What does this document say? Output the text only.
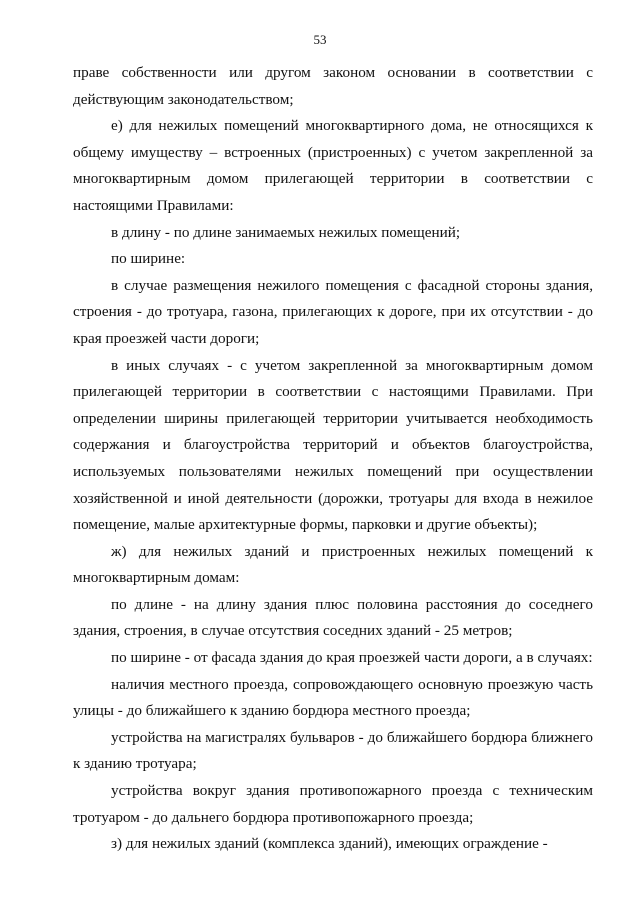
53

праве собственности или другом законом основании в соответствии с действующим законодательством;

е) для нежилых помещений многоквартирного дома, не относящихся к общему имуществу – встроенных (пристроенных) с учетом закрепленной за многоквартирным домом прилегающей территории в соответствии с настоящими Правилами:

в длину - по длине занимаемых нежилых помещений;

по ширине:

в случае размещения нежилого помещения с фасадной стороны здания, строения - до тротуара, газона, прилегающих к дороге, при их отсутствии - до края проезжей части дороги;

в иных случаях - с учетом закрепленной за многоквартирным домом прилегающей территории в соответствии с настоящими Правилами. При определении ширины прилегающей территории учитывается необходимость содержания и благоустройства территорий и объектов благоустройства, используемых пользователями нежилых помещений при осуществлении хозяйственной и иной деятельности (дорожки, тротуары для входа в нежилое помещение, малые архитектурные формы, парковки и другие объекты);

ж) для нежилых зданий и пристроенных нежилых помещений к многоквартирным домам:

по длине - на длину здания плюс половина расстояния до соседнего здания, строения, в случае отсутствия соседних зданий - 25 метров;

по ширине - от фасада здания до края проезжей части дороги, а в случаях:

наличия местного проезда, сопровождающего основную проезжую часть улицы - до ближайшего к зданию бордюра местного проезда;

устройства на магистралях бульваров - до ближайшего бордюра ближнего к зданию тротуара;

устройства вокруг здания противопожарного проезда с техническим тротуаром - до дальнего бордюра противопожарного проезда;

з) для нежилых зданий (комплекса зданий), имеющих ограждение -
